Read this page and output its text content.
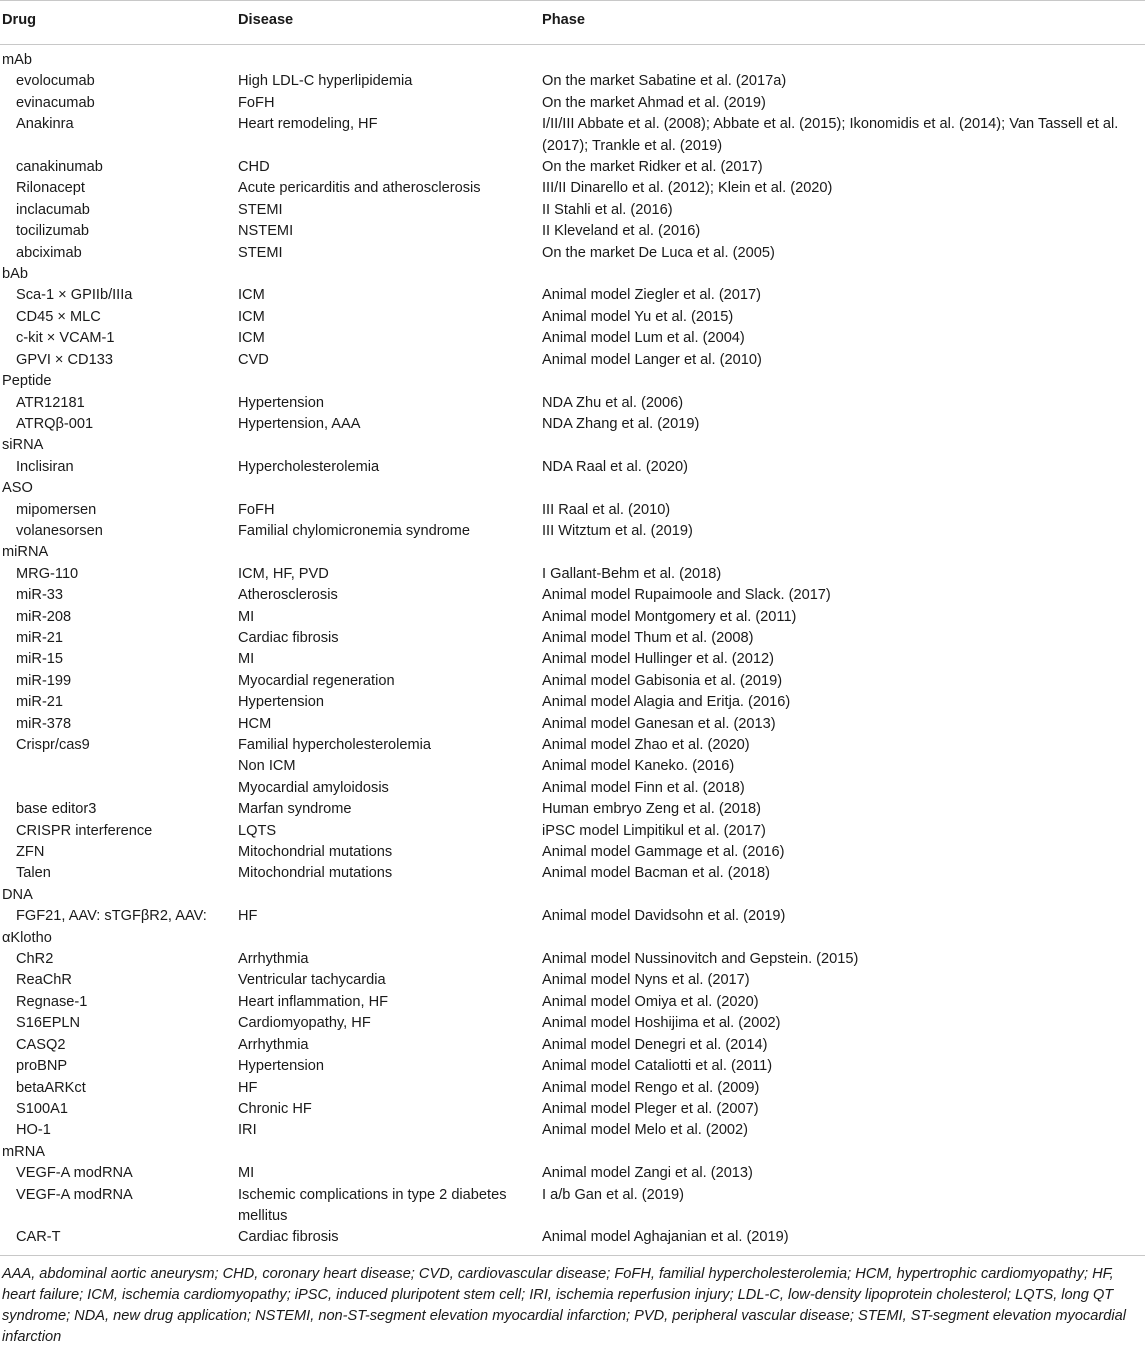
Drug	Disease	Phase
mAb		
evolocumab	High LDL-C hyperlipidemia	On the market Sabatine et al. (2017a)
evinacumab	FoFH	On the market Ahmad et al. (2019)
Anakinra	Heart remodeling, HF	I/II/III Abbate et al. (2008); Abbate et al. (2015); Ikonomidis et al. (2014); Van Tassell et al. (2017); Trankle et al. (2019)
canakinumab	CHD	On the market Ridker et al. (2017)
Rilonacept	Acute pericarditis and atherosclerosis	III/II Dinarello et al. (2012); Klein et al. (2020)
inclacumab	STEMI	II Stahli et al. (2016)
tocilizumab	NSTEMI	II Kleveland et al. (2016)
abciximab	STEMI	On the market De Luca et al. (2005)
bAb		
Sca-1 × GPIIb/IIIa	ICM	Animal model Ziegler et al. (2017)
CD45 × MLC	ICM	Animal model Yu et al. (2015)
c-kit × VCAM-1	ICM	Animal model Lum et al. (2004)
GPVI × CD133	CVD	Animal model Langer et al. (2010)
Peptide		
ATR12181	Hypertension	NDA Zhu et al. (2006)
ATRQβ-001	Hypertension, AAA	NDA Zhang et al. (2019)
siRNA		
Inclisiran	Hypercholesterolemia	NDA Raal et al. (2020)
ASO		
mipomersen	FoFH	III Raal et al. (2010)
volanesorsen	Familial chylomicronemia syndrome	III Witztum et al. (2019)
miRNA		
MRG-110	ICM, HF, PVD	I Gallant-Behm et al. (2018)
miR-33	Atherosclerosis	Animal model Rupaimoole and Slack. (2017)
miR-208	MI	Animal model Montgomery et al. (2011)
miR-21	Cardiac fibrosis	Animal model Thum et al. (2008)
miR-15	MI	Animal model Hullinger et al. (2012)
miR-199	Myocardial regeneration	Animal model Gabisonia et al. (2019)
miR-21	Hypertension	Animal model Alagia and Eritja. (2016)
miR-378	HCM	Animal model Ganesan et al. (2013)
Crispr/cas9	Familial hypercholesterolemia	Animal model Zhao et al. (2020)
	Non ICM	Animal model Kaneko. (2016)
	Myocardial amyloidosis	Animal model Finn et al. (2018)
base editor3	Marfan syndrome	Human embryo Zeng et al. (2018)
CRISPR interference	LQTS	iPSC model Limpitikul et al. (2017)
ZFN	Mitochondrial mutations	Animal model Gammage et al. (2016)
Talen	Mitochondrial mutations	Animal model Bacman et al. (2018)
DNA		
FGF21, AAV: sTGFβR2, AAV:	HF	Animal model Davidsohn et al. (2019)
αKlotho		
ChR2	Arrhythmia	Animal model Nussinovitch and Gepstein. (2015)
ReaChR	Ventricular tachycardia	Animal model Nyns et al. (2017)
Regnase-1	Heart inflammation, HF	Animal model Omiya et al. (2020)
S16EPLN	Cardiomyopathy, HF	Animal model Hoshijima et al. (2002)
CASQ2	Arrhythmia	Animal model Denegri et al. (2014)
proBNP	Hypertension	Animal model Cataliotti et al. (2011)
betaARKct	HF	Animal model Rengo et al. (2009)
S100A1	Chronic HF	Animal model Pleger et al. (2007)
HO-1	IRI	Animal model Melo et al. (2002)
mRNA		
VEGF-A modRNA	MI	Animal model Zangi et al. (2013)
VEGF-A modRNA	Ischemic complications in type 2 diabetes mellitus	I a/b Gan et al. (2019)
CAR-T	Cardiac fibrosis	Animal model Aghajanian et al. (2019)
AAA, abdominal aortic aneurysm; CHD, coronary heart disease; CVD, cardiovascular disease; FoFH, familial hypercholesterolemia; HCM, hypertrophic cardiomyopathy; HF, heart failure; ICM, ischemia cardiomyopathy; iPSC, induced pluripotent stem cell; IRI, ischemia reperfusion injury; LDL-C, low-density lipoprotein cholesterol; LQTS, long QT syndrome; NDA, new drug application; NSTEMI, non-ST-segment elevation myocardial infarction; PVD, peripheral vascular disease; STEMI, ST-segment elevation myocardial infarction
